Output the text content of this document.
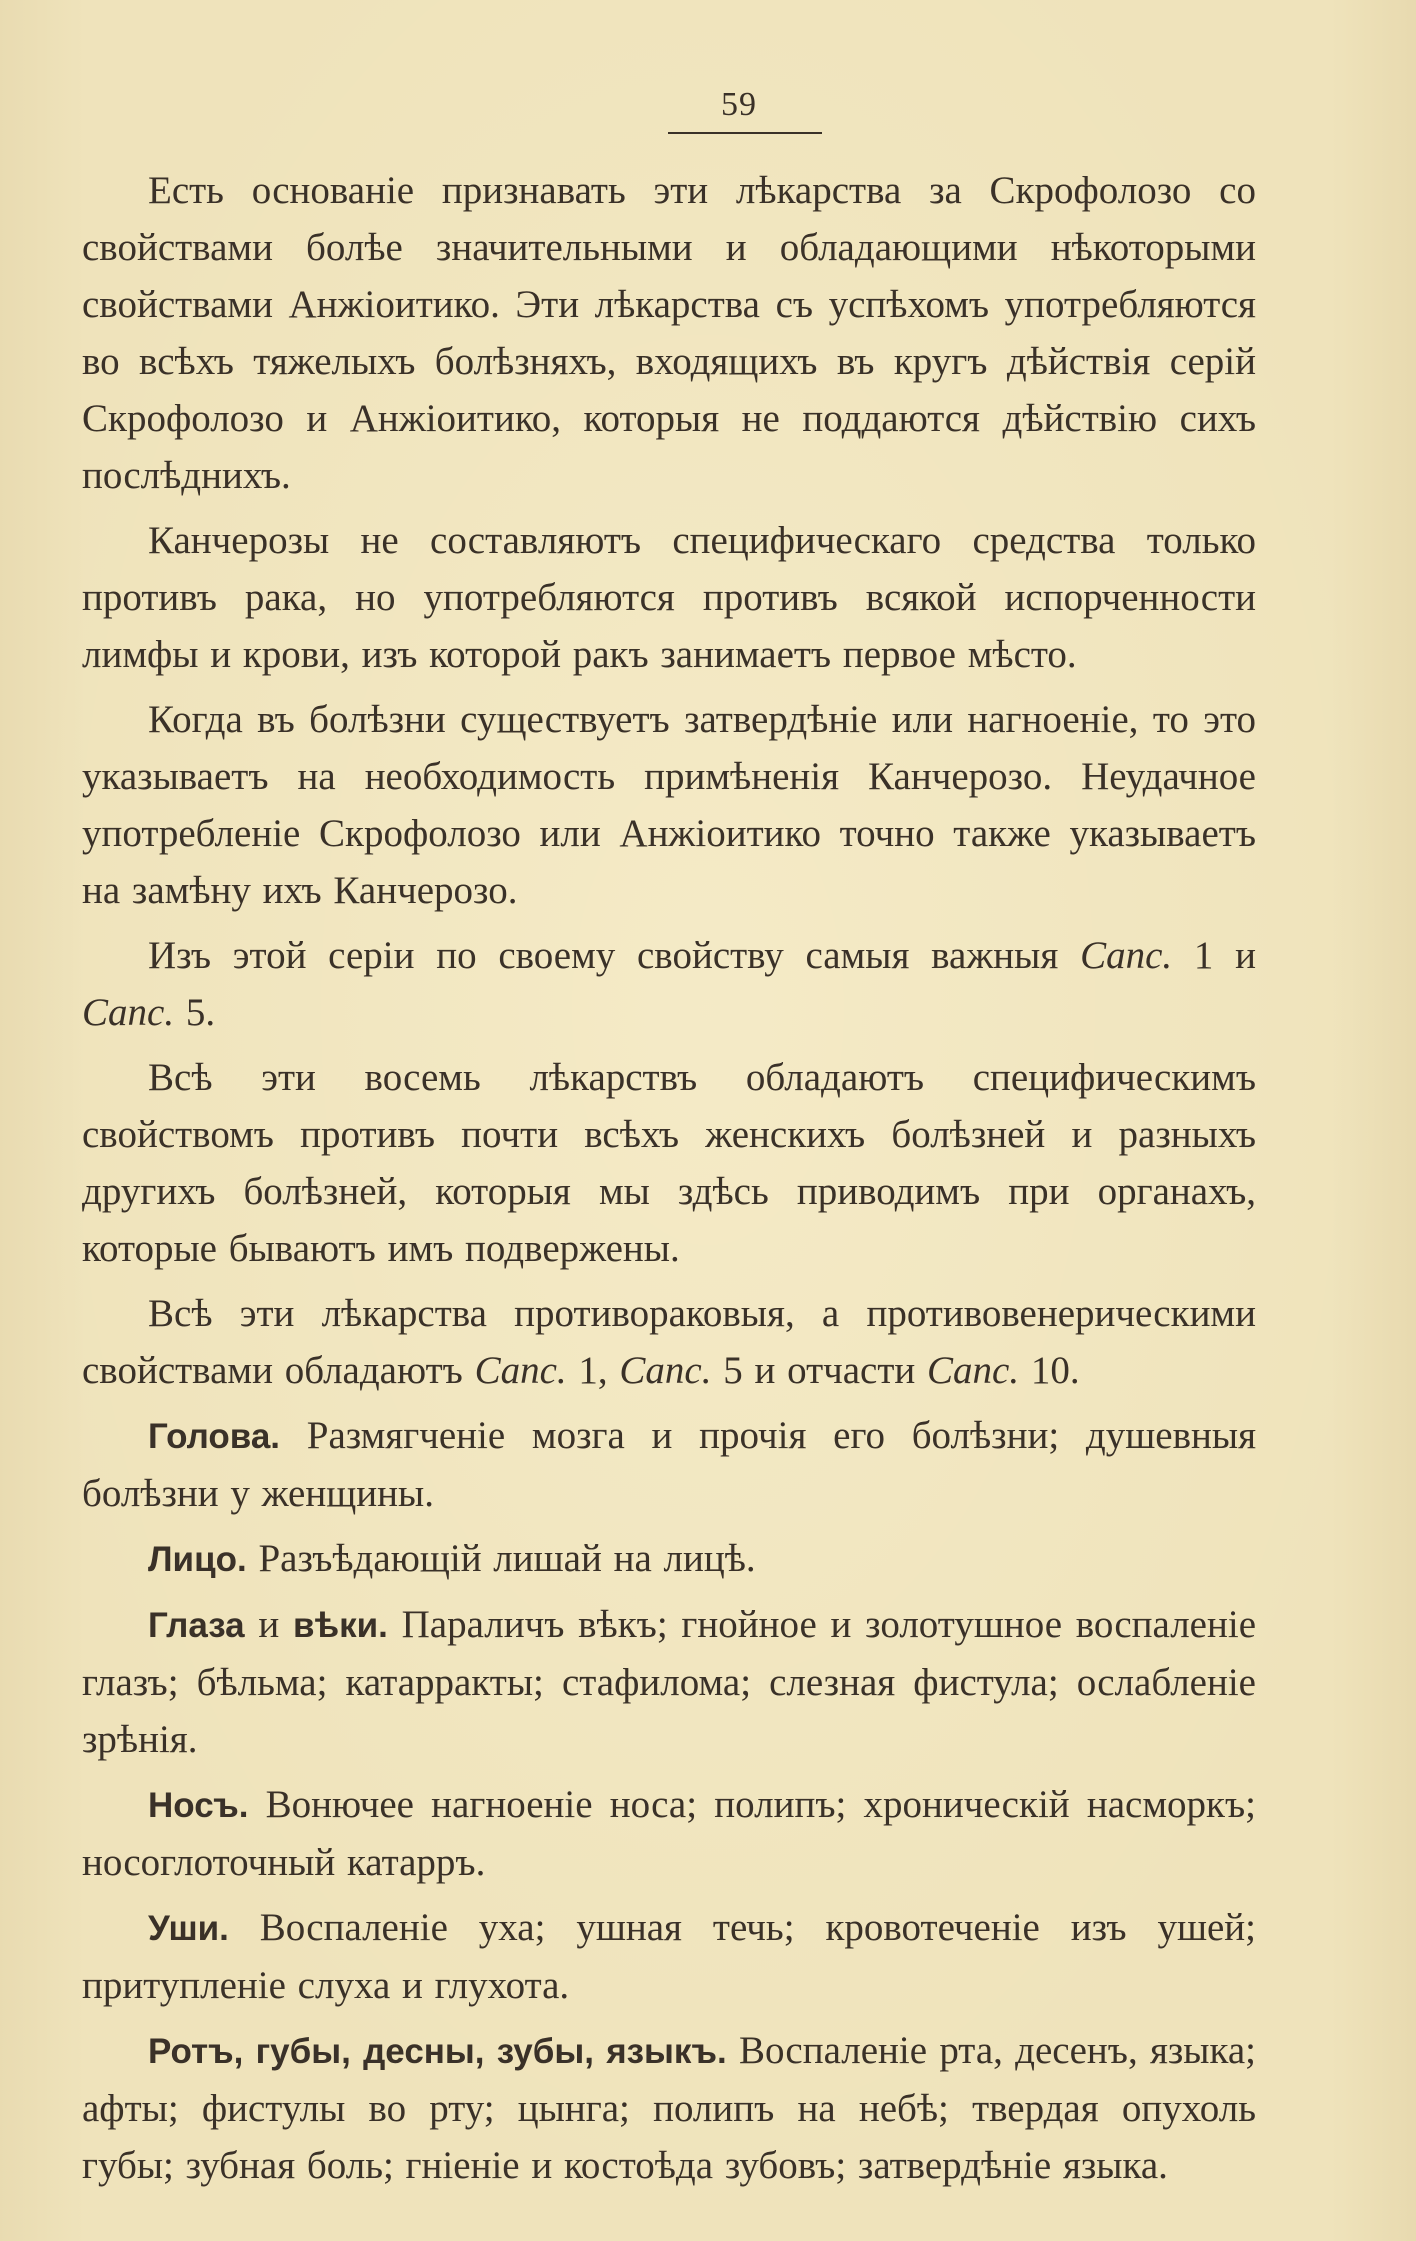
59

Есть основанiе признавать эти лѣкарства за Скрофолозо со свойствами болѣе значительными и обладающими нѣкоторыми свойствами Анжiоитико. Эти лѣкарства съ успѣхомъ употребляются во всѣхъ тяжелыхъ болѣзняхъ, входящихъ въ кругъ дѣйствiя серiй Скрофолозо и Анжiоитико, которыя не поддаются дѣйствiю сихъ послѣднихъ.

Канчерозы не составляютъ специфическаго средства только противъ рака, но употребляются противъ всякой испорченности лимфы и крови, изъ которой ракъ занимаетъ первое мѣсто.

Когда въ болѣзни существуетъ затвердѣнiе или нагноенiе, то это указываетъ на необходимость примѣненiя Канчерозо. Неудачное употребленiе Скрофолозо или Анжiоитико точно также указываетъ на замѣну ихъ Канчерозо.

Изъ этой серiи по своему свойству самыя важныя Canc. 1 и Canc. 5.

Всѣ эти восемь лѣкарствъ обладаютъ специфическимъ свойствомъ противъ почти всѣхъ женскихъ болѣзней и разныхъ другихъ болѣзней, которыя мы здѣсь приводимъ при органахъ, которые бываютъ имъ подвержены.

Всѣ эти лѣкарства противораковыя, а противовенерическими свойствами обладаютъ Canc. 1, Canc. 5 и отчасти Canc. 10.

Голова. Размягченiе мозга и прочiя его болѣзни; душевныя болѣзни у женщины.

Лицо. Разъѣдающiй лишай на лицѣ.

Глаза и вѣки. Параличъ вѣкъ; гнойное и золотушное воспаленiе глазъ; бѣльма; катарракты; стафилома; слезная фистула; ослабленiе зрѣнiя.

Носъ. Вонючее нагноенiе носа; полипъ; хроническiй насморкъ; носоглоточный катарръ.

Уши. Воспаленiе уха; ушная течь; кровотеченiе изъ ушей; притупленiе слуха и глухота.

Ротъ, губы, десны, зубы, языкъ. Воспаленiе рта, деcенъ, языка; афты; фистулы во рту; цынга; полипъ на небѣ; твердая опухоль губы; зубная боль; гнiенiе и костоѣда зубовъ; затвердѣнiе языка.
